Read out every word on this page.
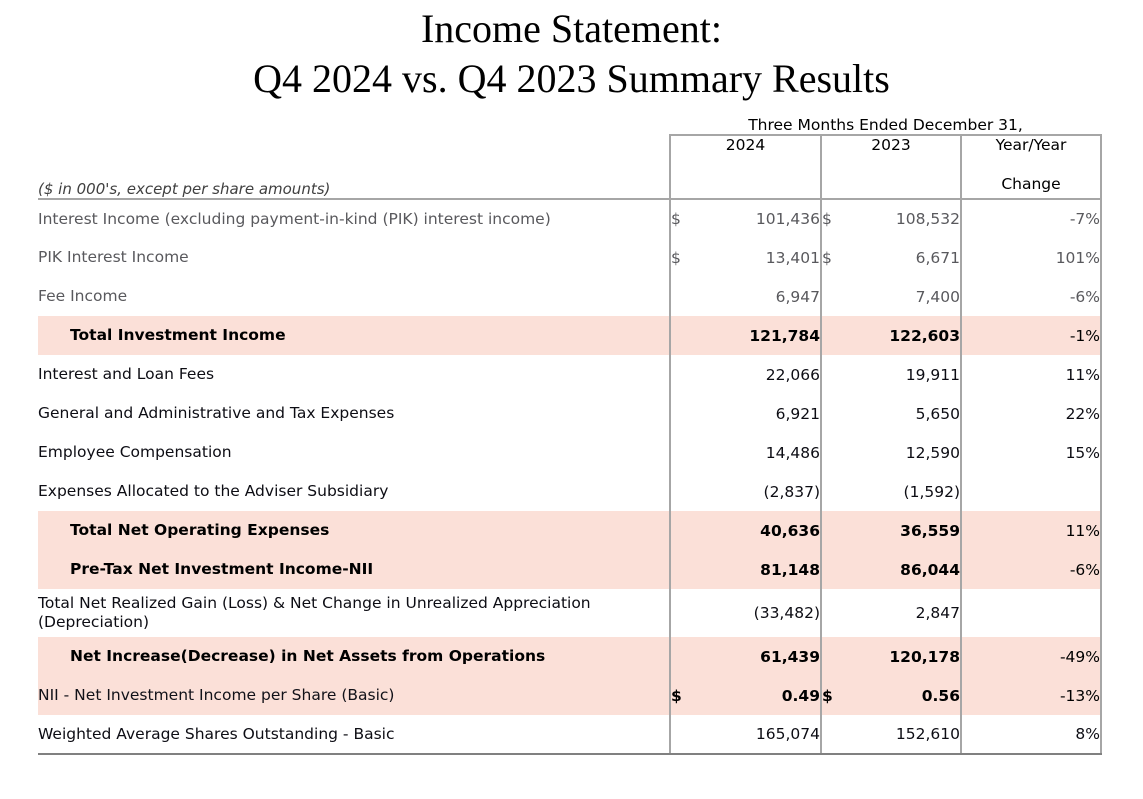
Income Statement:
Q4 2024 vs. Q4 2023 Summary Results
	Three Months Ended December 31,				
($ in 000's, except per share amounts)	2024		2023		Year/Year
Change

Interest Income (excluding payment-in-kind (PIK) interest income)	$	101,436	$	108,532	-7%

PIK Interest Income	$	13,401	$	6,671	101%

Fee Income		6,947		7,400	-6%

Total Investment Income		121,784		122,603	-1%

Interest and Loan Fees		22,066		19,911	11%

General and Administrative and Tax Expenses		6,921		5,650	22%

Employee Compensation		14,486		12,590	15%

Expenses Allocated to the Adviser Subsidiary		(2,837)		(1,592)	

Total Net Operating Expenses		40,636		36,559	11%

Pre-Tax Net Investment Income-NII		81,148		86,044	-6%

Total Net Realized Gain (Loss) & Net Change in Unrealized Appreciation (Depreciation)		(33,482)		2,847	

Net Increase(Decrease) in Net Assets from Operations		61,439		120,178	-49%

NII - Net Investment Income per Share (Basic)	$	0.49	$	0.56	-13%

Weighted Average Shares Outstanding - Basic		165,074		152,610	8%
